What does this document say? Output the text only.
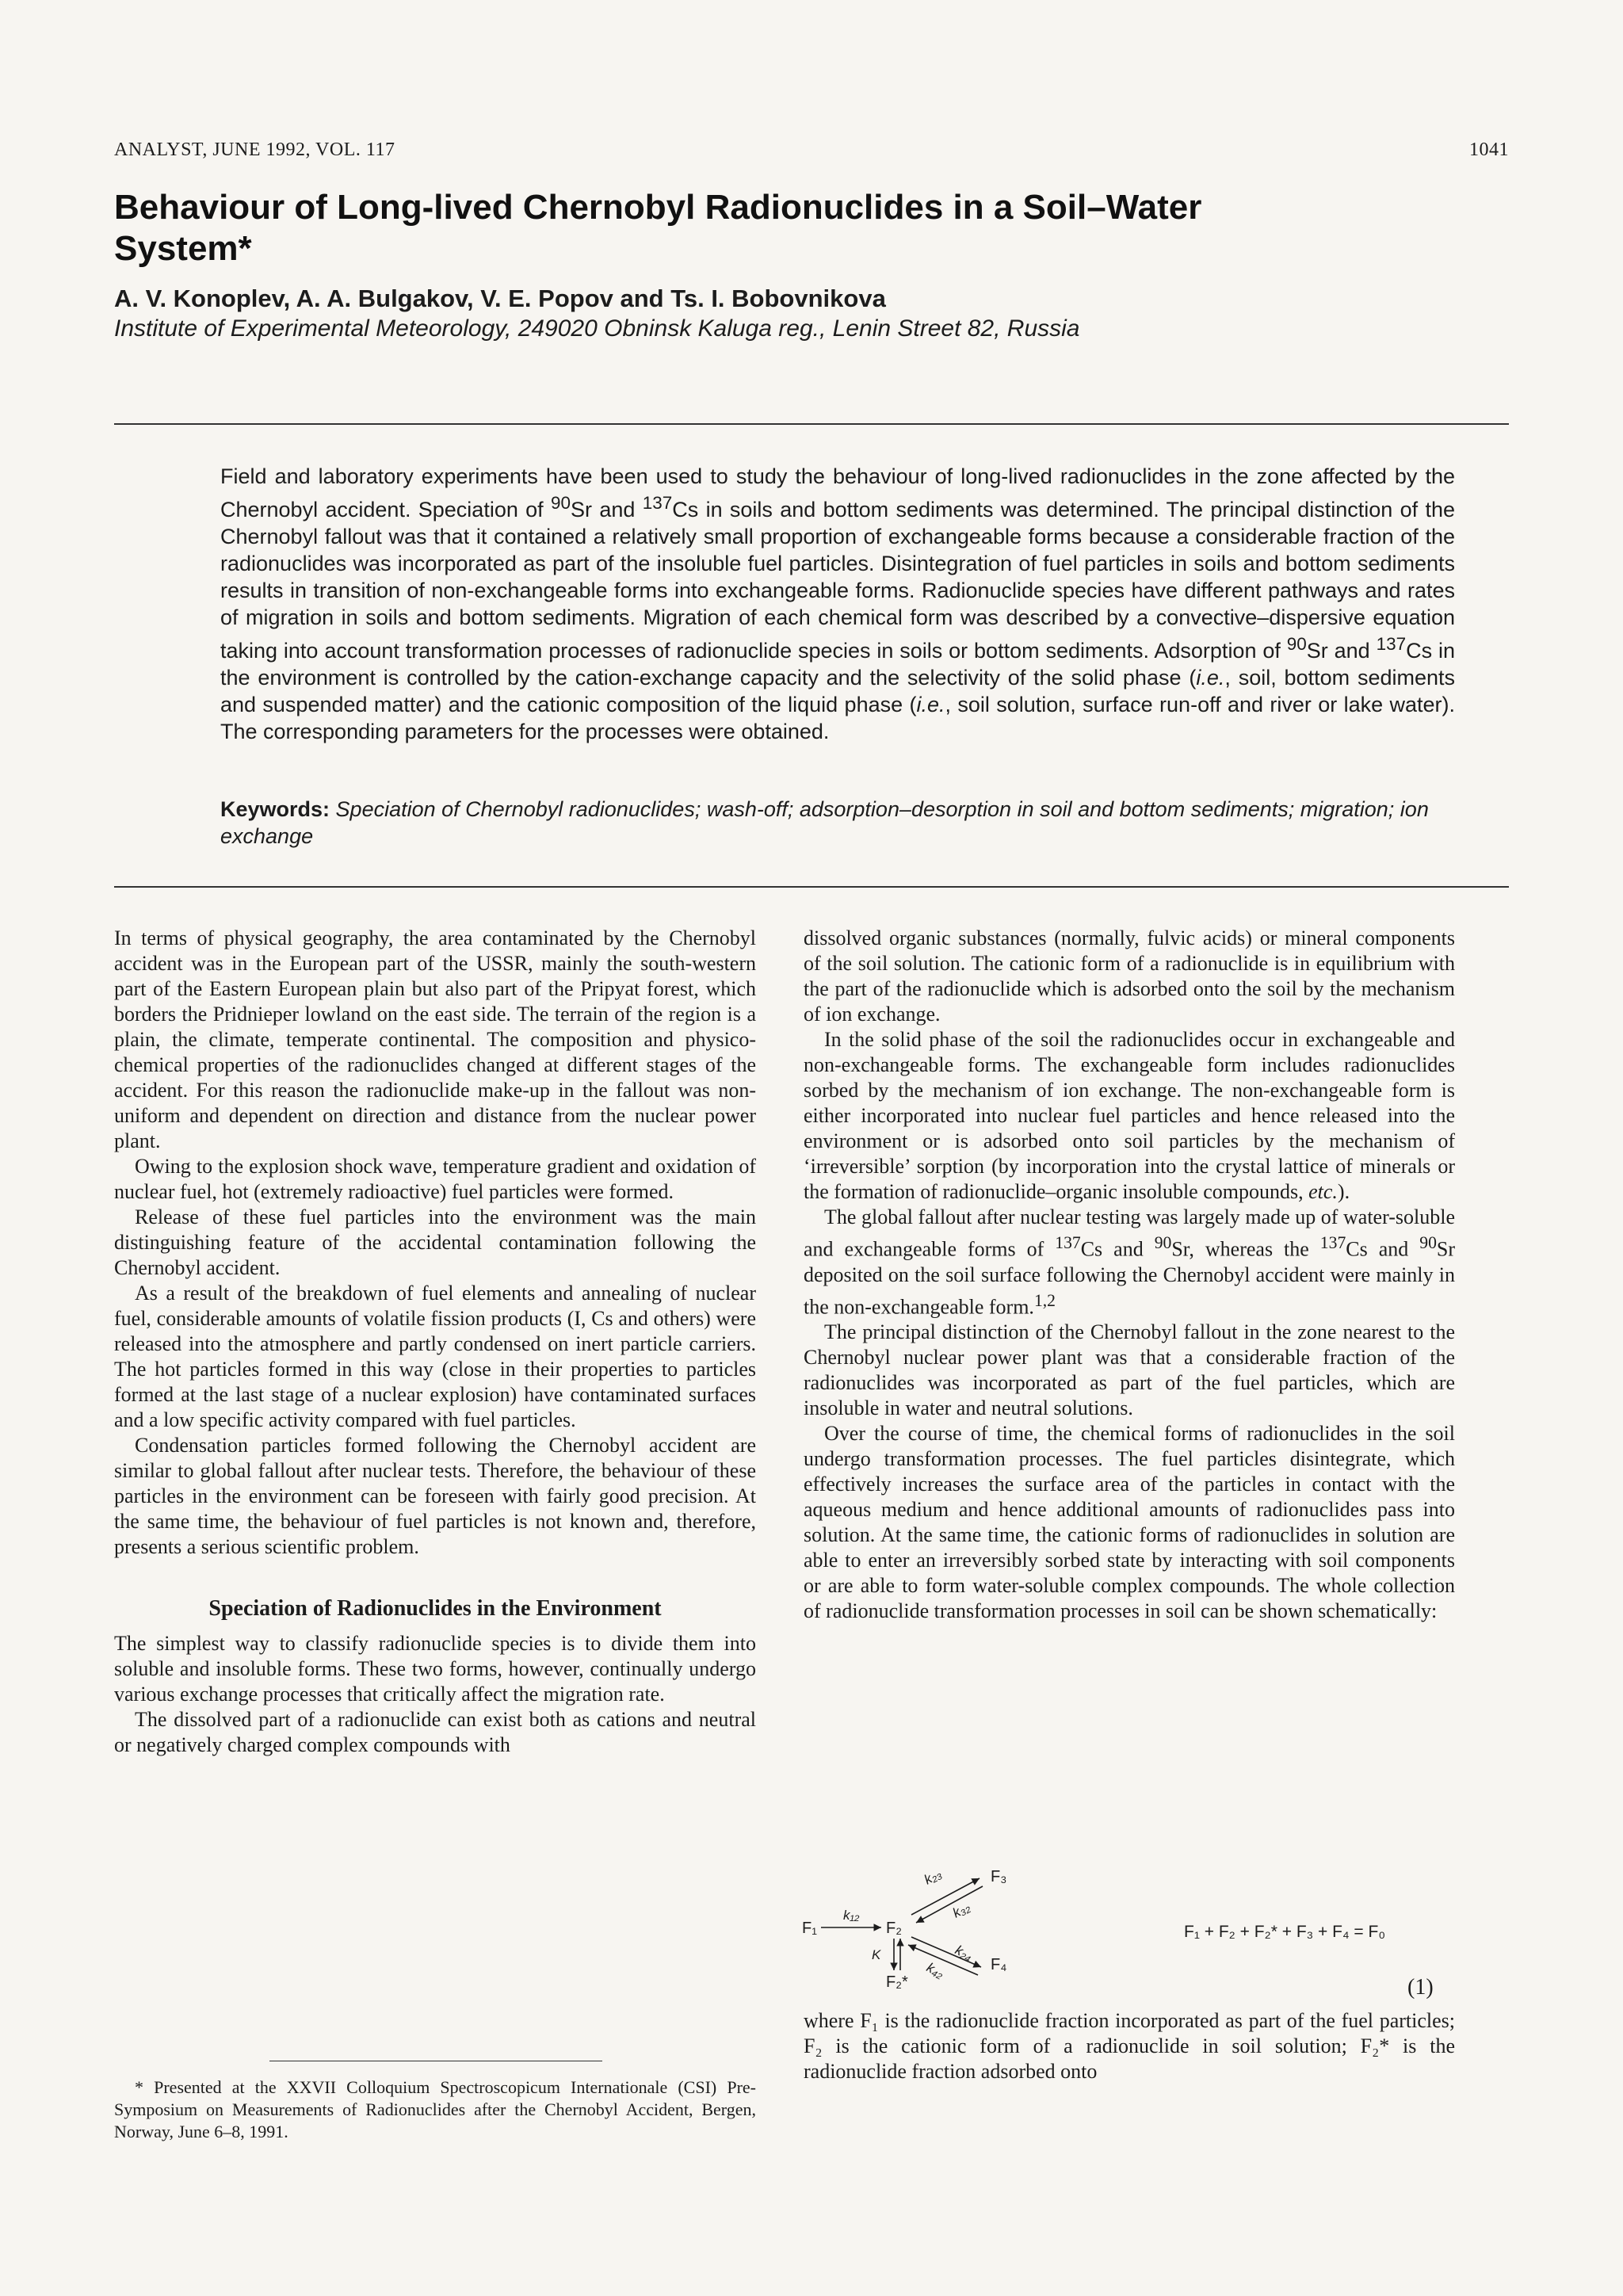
ANALYST, JUNE 1992, VOL. 117	1041
Behaviour of Long-lived Chernobyl Radionuclides in a Soil–Water
System*
A. V. Konoplev, A. A. Bulgakov, V. E. Popov and Ts. I. Bobovnikova
Institute of Experimental Meteorology, 249020 Obninsk Kaluga reg., Lenin Street 82, Russia

Field and laboratory experiments have been used to study the behaviour of long-lived radionuclides in the zone affected by the Chernobyl accident. Speciation of $^{90}$Sr and $^{137}$Cs in soils and bottom sediments was determined. The principal distinction of the Chernobyl fallout was that it contained a relatively small proportion of exchangeable forms because a considerable fraction of the radionuclides was incorporated as part of the insoluble fuel particles. Disintegration of fuel particles in soils and bottom sediments results in transition of non-exchangeable forms into exchangeable forms. Radionuclide species have different pathways and rates of migration in soils and bottom sediments. Migration of each chemical form was described by a convective–dispersive equation taking into account transformation processes of radionuclide species in soils or bottom sediments. Adsorption of $^{90}$Sr and $^{137}$Cs in the environment is controlled by the cation-exchange capacity and the selectivity of the solid phase (i.e., soil, bottom sediments and suspended matter) and the cationic composition of the liquid phase (i.e., soil solution, surface run-off and river or lake water). The corresponding parameters for the processes were obtained.

Keywords: Speciation of Chernobyl radionuclides; wash-off; adsorption–desorption in soil and bottom sediments; migration; ion exchange

In terms of physical geography, the area contaminated by the Chernobyl accident was in the European part of the USSR, mainly the south-western part of the Eastern European plain but also part of the Pripyat forest, which borders the Pridnieper lowland on the east side. The terrain of the region is a plain, the climate, temperate continental. The composition and physico-chemical properties of the radionuclides changed at different stages of the accident. For this reason the radionuclide make-up in the fallout was non-uniform and dependent on direction and distance from the nuclear power plant.

Owing to the explosion shock wave, temperature gradient and oxidation of nuclear fuel, hot (extremely radioactive) fuel particles were formed.

Release of these fuel particles into the environment was the main distinguishing feature of the accidental contamination following the Chernobyl accident.

As a result of the breakdown of fuel elements and annealing of nuclear fuel, considerable amounts of volatile fission products (I, Cs and others) were released into the atmosphere and partly condensed on inert particle carriers. The hot particles formed in this way (close in their properties to particles formed at the last stage of a nuclear explosion) have contaminated surfaces and a low specific activity compared with fuel particles.

Condensation particles formed following the Chernobyl accident are similar to global fallout after nuclear tests. Therefore, the behaviour of these particles in the environment can be foreseen with fairly good precision. At the same time, the behaviour of fuel particles is not known and, therefore, presents a serious scientific problem.

Speciation of Radionuclides in the Environment

The simplest way to classify radionuclide species is to divide them into soluble and insoluble forms. These two forms, however, continually undergo various exchange processes that critically affect the migration rate.

The dissolved part of a radionuclide can exist both as cations and neutral or negatively charged complex compounds with

* Presented at the XXVII Colloquium Spectroscopicum Internationale (CSI) Pre-Symposium on Measurements of Radionuclides after the Chernobyl Accident, Bergen, Norway, June 6–8, 1991.

dissolved organic substances (normally, fulvic acids) or mineral components of the soil solution. The cationic form of a radionuclide is in equilibrium with the part of the radionuclide which is adsorbed onto the soil by the mechanism of ion exchange.

In the solid phase of the soil the radionuclides occur in exchangeable and non-exchangeable forms. The exchangeable form includes radionuclides sorbed by the mechanism of ion exchange. The non-exchangeable form is either incorporated into nuclear fuel particles and hence released into the environment or is adsorbed onto soil particles by the mechanism of ‘irreversible’ sorption (by incorporation into the crystal lattice of minerals or the formation of radionuclide–organic insoluble compounds, etc.).

The global fallout after nuclear testing was largely made up of water-soluble and exchangeable forms of $^{137}$Cs and $^{90}$Sr, whereas the $^{137}$Cs and $^{90}$Sr deposited on the soil surface following the Chernobyl accident were mainly in the non-exchangeable form.$^{1,2}$

The principal distinction of the Chernobyl fallout in the zone nearest to the Chernobyl nuclear power plant was that a considerable fraction of the radionuclides was incorporated as part of the fuel particles, which are insoluble in water and neutral solutions.

Over the course of time, the chemical forms of radionuclides in the soil undergo transformation processes. The fuel particles disintegrate, which effectively increases the surface area of the particles in contact with the aqueous medium and hence additional amounts of radionuclides pass into solution. At the same time, the cationic forms of radionuclides in solution are able to enter an irreversibly sorbed state by interacting with soil components or are able to form water-soluble complex compounds. The whole collection of radionuclide transformation processes in soil can be shown schematically:

F₁	F₂
F₂*
F₃
F₄
k₁₂
K
k₂₃
k₃₂
k₂₄
k₄₂
F₁ + F₂ + F₂* + F₃ + F₄ = F₀
(1)

where F₁ is the radionuclide fraction incorporated as part of the fuel particles; F₂ is the cationic form of a radionuclide in soil solution; F₂* is the radionuclide fraction adsorbed onto
